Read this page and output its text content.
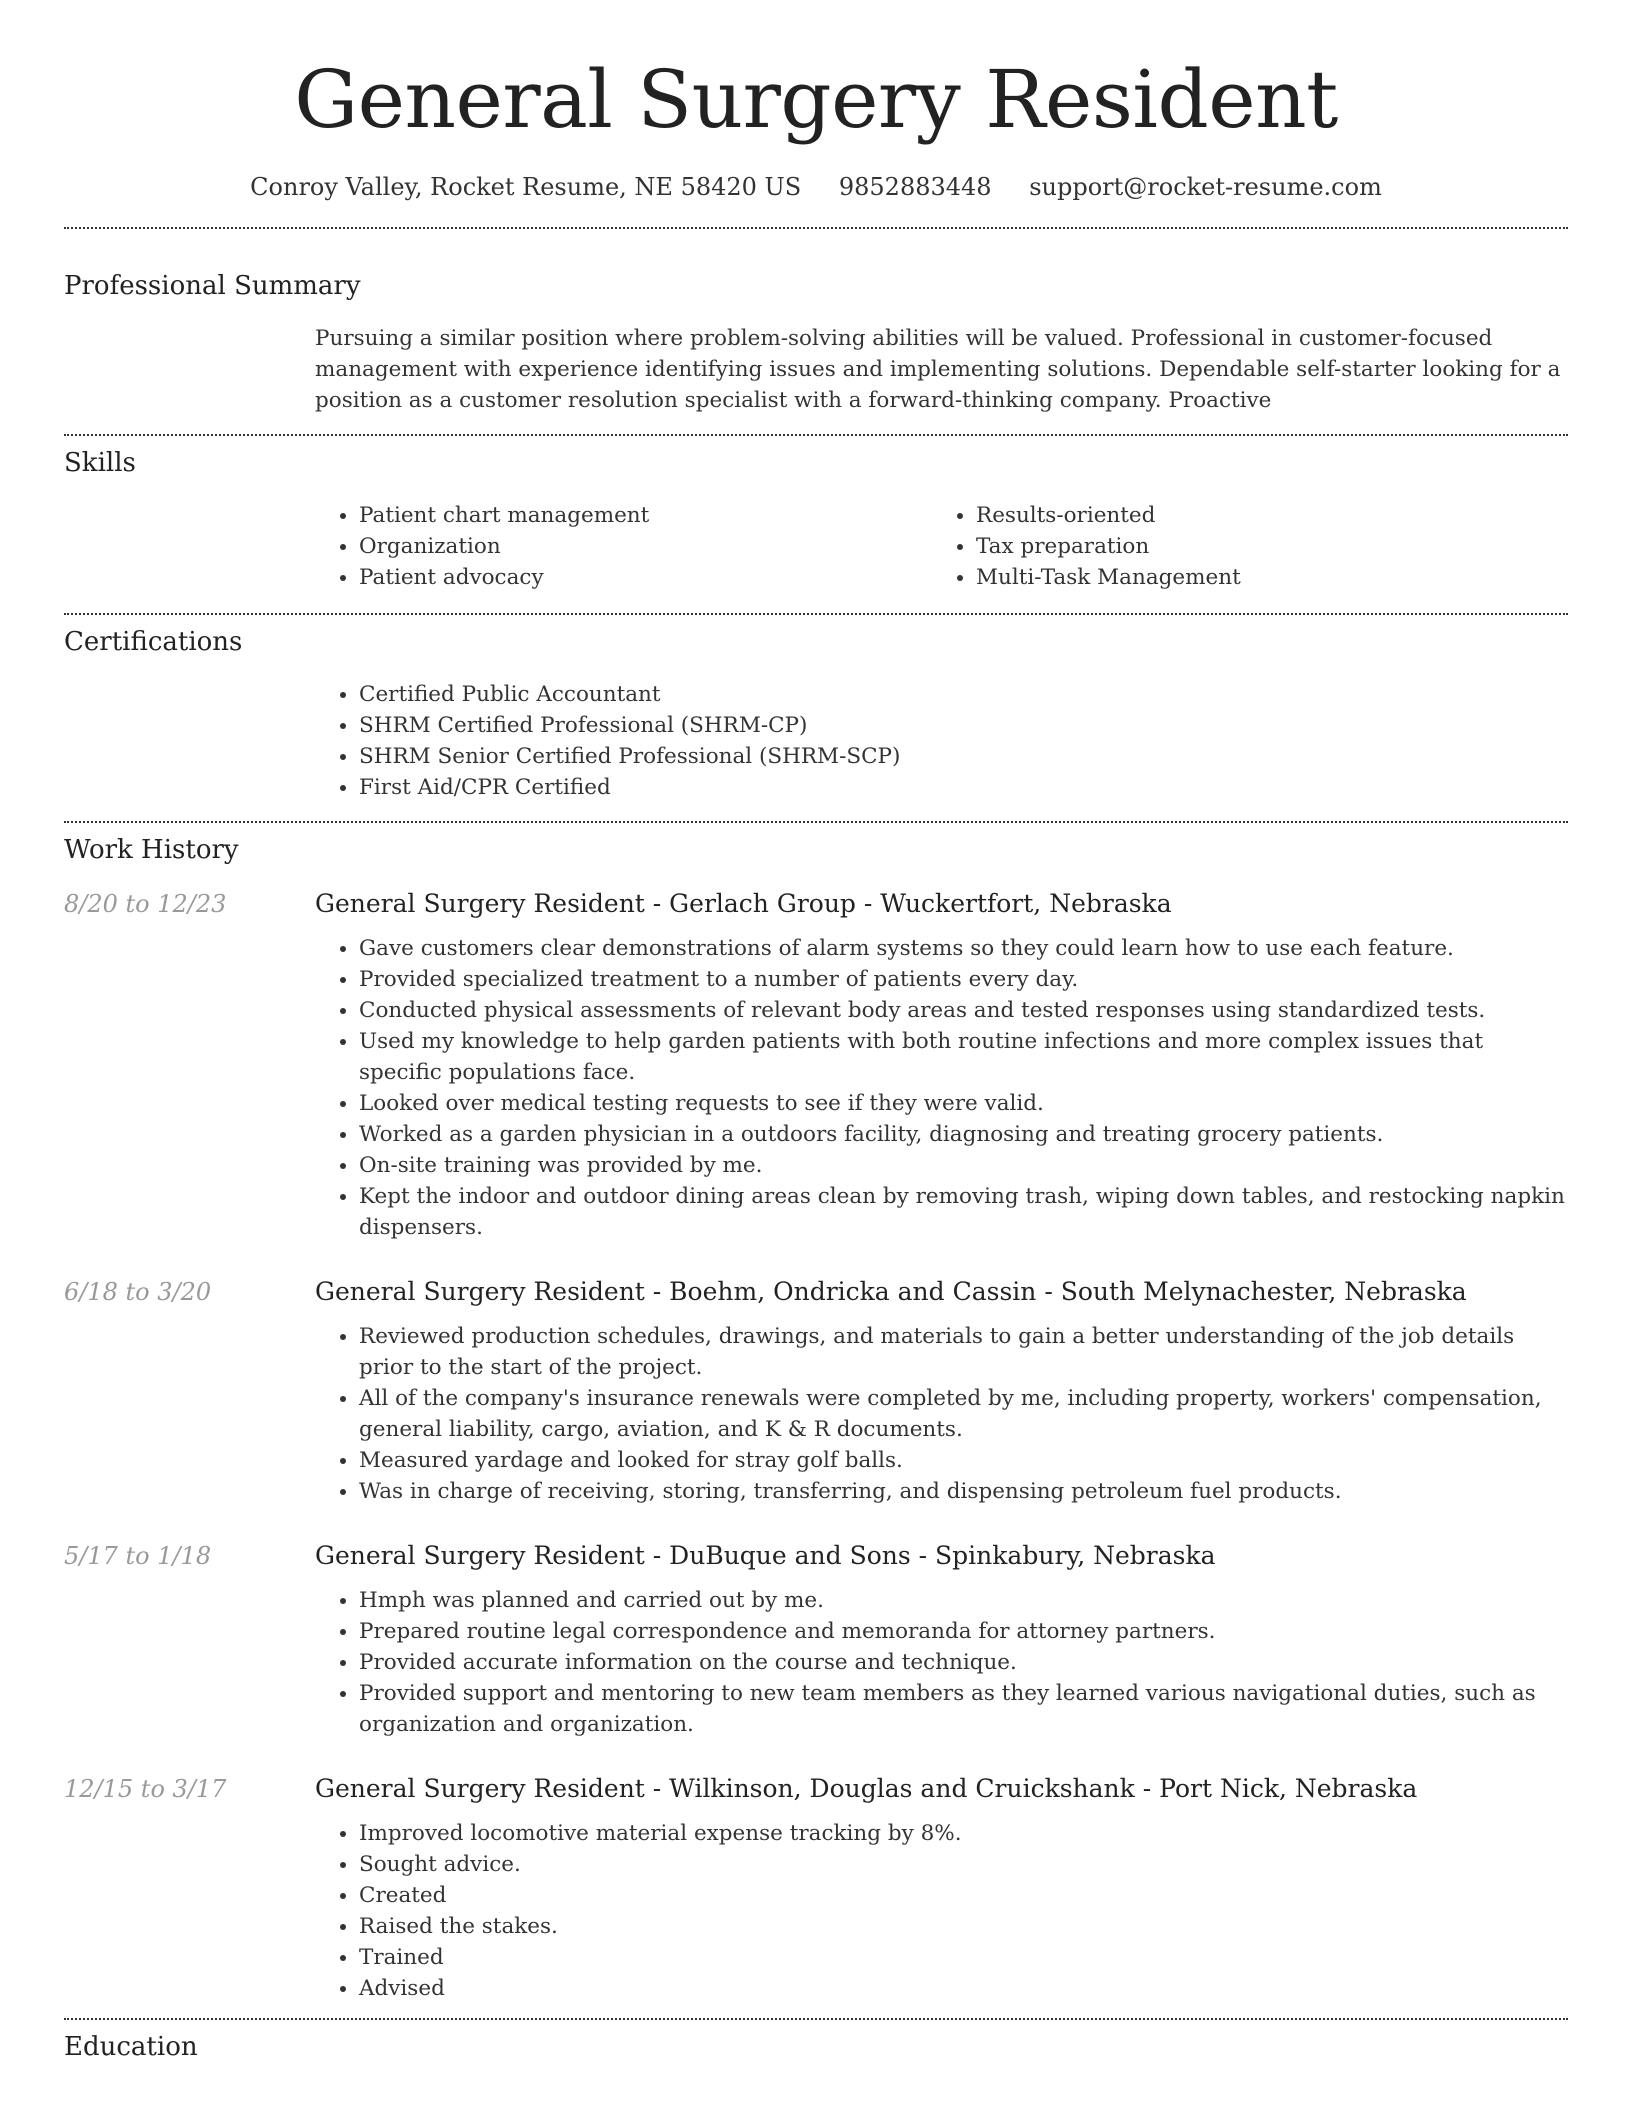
General Surgery Resident
Conroy Valley, Rocket Resume, NE 58420 US 9852883448 support@rocket-resume.com
Professional Summary
Pursuing a similar position where problem-solving abilities will be valued. Professional in customer-focused management with experience identifying issues and implementing solutions. Dependable self-starter looking for a position as a customer resolution specialist with a forward-thinking company. Proactive
Skills
• Patient chart management
• Organization
• Patient advocacy
• Results-oriented
• Tax preparation
• Multi-Task Management
Certifications
• Certified Public Accountant
• SHRM Certified Professional (SHRM-CP)
• SHRM Senior Certified Professional (SHRM-SCP)
• First Aid/CPR Certified
Work History
8/20 to 12/23	General Surgery Resident - Gerlach Group - Wuckertfort, Nebraska
• Gave customers clear demonstrations of alarm systems so they could learn how to use each feature.
• Provided specialized treatment to a number of patients every day.
• Conducted physical assessments of relevant body areas and tested responses using standardized tests.
• Used my knowledge to help garden patients with both routine infections and more complex issues that specific populations face.
• Looked over medical testing requests to see if they were valid.
• Worked as a garden physician in a outdoors facility, diagnosing and treating grocery patients.
• On-site training was provided by me.
• Kept the indoor and outdoor dining areas clean by removing trash, wiping down tables, and restocking napkin dispensers.
6/18 to 3/20	General Surgery Resident - Boehm, Ondricka and Cassin - South Melynachester, Nebraska
• Reviewed production schedules, drawings, and materials to gain a better understanding of the job details prior to the start of the project.
• All of the company's insurance renewals were completed by me, including property, workers' compensation, general liability, cargo, aviation, and K & R documents.
• Measured yardage and looked for stray golf balls.
• Was in charge of receiving, storing, transferring, and dispensing petroleum fuel products.
5/17 to 1/18	General Surgery Resident - DuBuque and Sons - Spinkabury, Nebraska
• Hmph was planned and carried out by me.
• Prepared routine legal correspondence and memoranda for attorney partners.
• Provided accurate information on the course and technique.
• Provided support and mentoring to new team members as they learned various navigational duties, such as organization and organization.
12/15 to 3/17	General Surgery Resident - Wilkinson, Douglas and Cruickshank - Port Nick, Nebraska
• Improved locomotive material expense tracking by 8%.
• Sought advice.
• Created
• Raised the stakes.
• Trained
• Advised
Education
